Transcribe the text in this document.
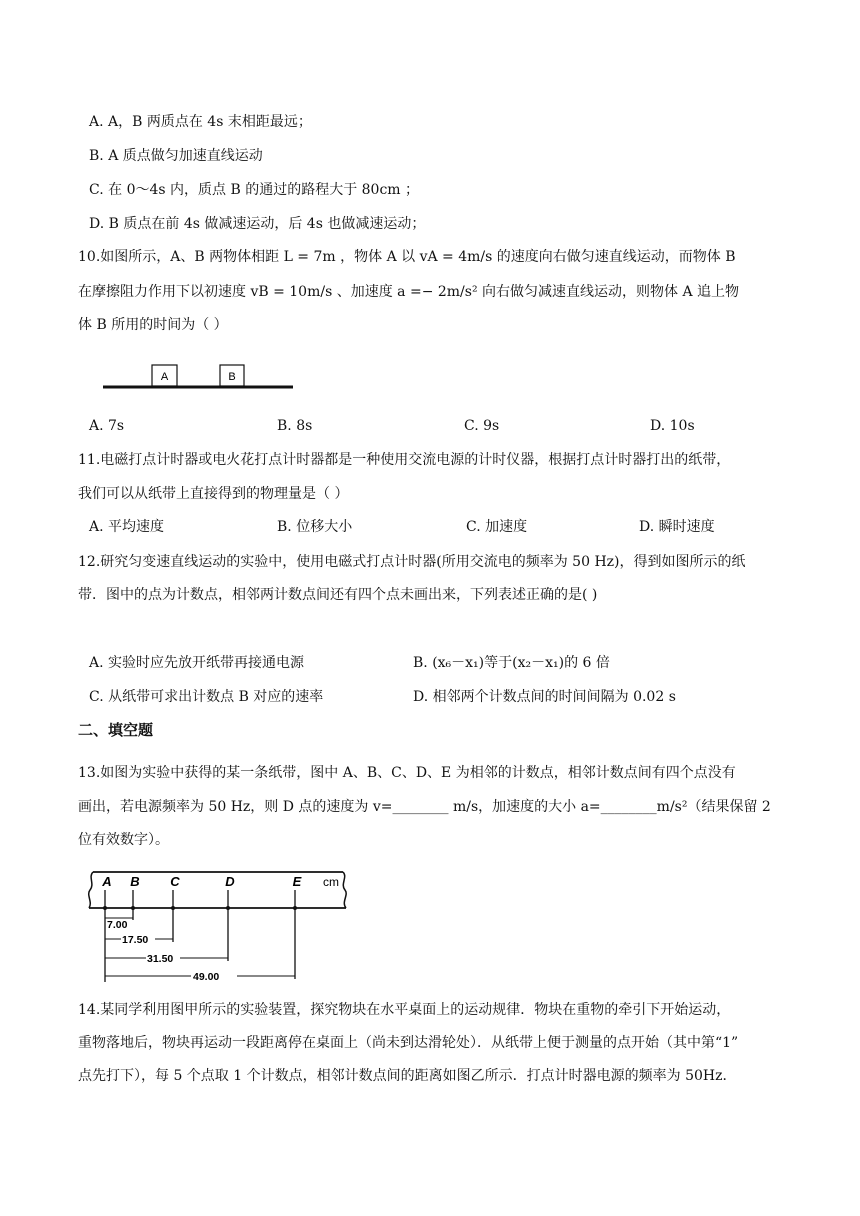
A. A，B 两质点在 4s 末相距最远；
B. A 质点做匀加速直线运动
C. 在 0～4s 内，质点 B 的通过的路程大于 80cm ；
D. B 质点在前 4s 做减速运动，后 4s 也做减速运动；
10.如图所示，A、B 两物体相距 L = 7m ，物体 A 以 vA = 4m/s 的速度向右做匀速直线运动，而物体 B
在摩擦阻力作用下以初速度 vB = 10m/s 、加速度 a =− 2m/s² 向右做匀减速直线运动，则物体 A 追上物
体 B 所用的时间为（ ）
A	B
A. 7s	B. 8s	C. 9s	D. 10s
11.电磁打点计时器或电火花打点计时器都是一种使用交流电源的计时仪器，根据打点计时器打出的纸带，
我们可以从纸带上直接得到的物理量是（ ）
A. 平均速度	B. 位移大小	C. 加速度	D. 瞬时速度
12.研究匀变速直线运动的实验中，使用电磁式打点计时器(所用交流电的频率为 50 Hz)，得到如图所示的纸
带．图中的点为计数点，相邻两计数点间还有四个点未画出来，下列表述正确的是( )
A. 实验时应先放开纸带再接通电源	B. (x₆－x₁)等于(x₂－x₁)的 6 倍
C. 从纸带可求出计数点 B 对应的速率	D. 相邻两个计数点间的时间间隔为 0.02 s
二、填空题
13.如图为实验中获得的某一条纸带，图中 A、B、C、D、E 为相邻的计数点，相邻计数点间有四个点没有
画出，若电源频率为 50 Hz，则 D 点的速度为 v=________ m/s，加速度的大小 a=________m/s²（结果保留 2
位有效数字）。
A B C	D	E cm
7.00
17.50
31.50
49.00
14.某同学利用图甲所示的实验装置，探究物块在水平桌面上的运动规律．物块在重物的牵引下开始运动，
重物落地后，物块再运动一段距离停在桌面上（尚未到达滑轮处）．从纸带上便于测量的点开始（其中第“1”
点先打下），每 5 个点取 1 个计数点，相邻计数点间的距离如图乙所示．打点计时器电源的频率为 50Hz．
